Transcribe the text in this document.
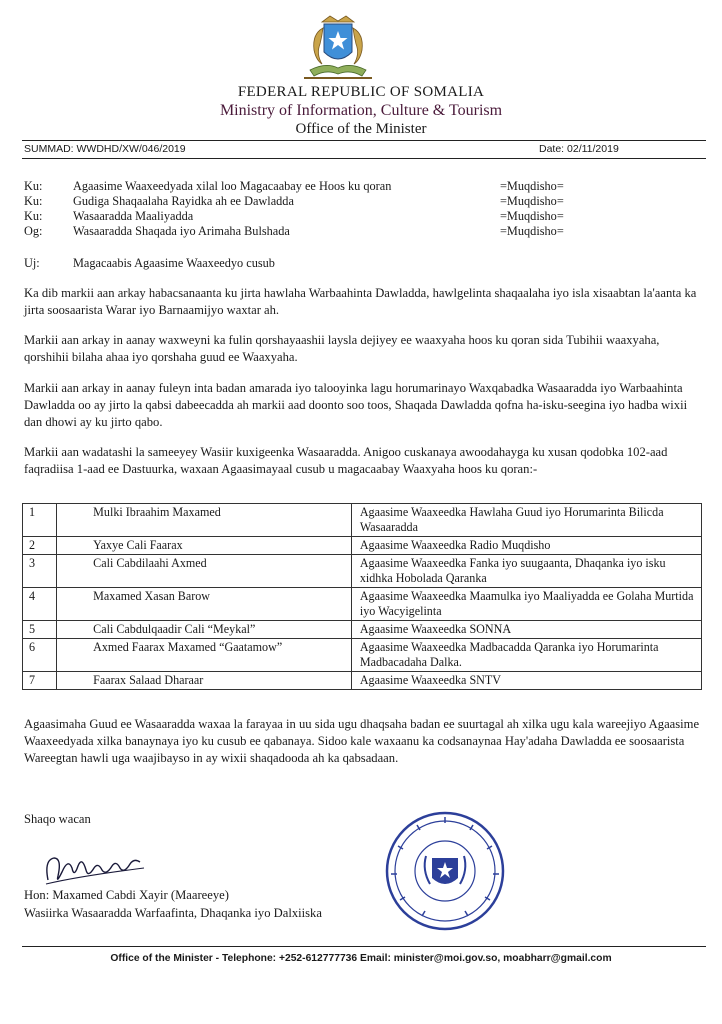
FEDERAL REPUBLIC OF SOMALIA
Ministry of Information, Culture & Tourism
Office of the Minister
SUMMAD: WWDHD/XW/046/2019	Date: 02/11/2019
Ku: Agaasime Waaxeedyada xilal loo Magacaabay ee Hoos ku qoran	=Muqdisho=
Ku: Gudiga Shaqaalaha Rayidka ah ee Dawladda	=Muqdisho=
Ku: Wasaaradda Maaliyadda	=Muqdisho=
Og: Wasaaradda Shaqada iyo Arimaha Bulshada	=Muqdisho=
Uj:	Magacaabis Agaasime Waaxeedyo cusub

Ka dib markii aan arkay habacsanaanta ku jirta hawlaha Warbaahinta Dawladda, hawlgelinta shaqaalaha iyo isla xisaabtan la'aanta ka jirta soosaarista Warar iyo Barnaamijyo waxtar ah.

Markii aan arkay in aanay waxweyni ka fulin qorshayaashii laysla dejiyey ee waaxyaha hoos ku qoran sida Tubihii waaxyaha, qorshihii bilaha ahaa iyo qorshaha guud ee Waaxyaha.

Markii aan arkay in aanay fuleyn inta badan amarada iyo talooyinka lagu horumarinayo Waxqabadka Wasaaradda iyo Warbaahinta Dawladda oo ay jirto la qabsi dabeecadda ah markii aad doonto soo toos, Shaqada Dawladda qofna ha-isku-seegina iyo hadba wixii dan dhowi ay ku jirto qabo.

Markii aan wadatashi la sameeyey Wasiir kuxigeenka Wasaaradda. Anigoo cuskanaya awoodahayga ku xusan qodobka 102-aad faqradiisa 1-aad ee Dastuurka, waxaan Agaasimayaal cusub u magacaabay Waaxyaha hoos ku qoran:-

1	Mulki Ibraahim Maxamed	Agaasime Waaxeedka Hawlaha Guud iyo Horumarinta Bilicda Wasaaradda
2	Yaxye Cali Faarax	Agaasime Waaxeedka Radio Muqdisho
3	Cali Cabdilaahi Axmed	Agaasime Waaxeedka Fanka iyo suugaanta, Dhaqanka iyo isku xidhka Hobolada Qaranka
4	Maxamed Xasan Barow	Agaasime Waaxeedka Maamulka iyo Maaliyadda ee Golaha Murtida iyo Wacyigelinta
5	Cali Cabdulqaadir Cali “Meykal”	Agaasime Waaxeedka SONNA
6	Axmed Faarax Maxamed “Gaatamow”	Agaasime Waaxeedka Madbacadda Qaranka iyo Horumarinta Madbacadaha Dalka.
7	Faarax Salaad Dharaar	Agaasime Waaxeedka SNTV

Agaasimaha Guud ee Wasaaradda waxaa la farayaa in uu sida ugu dhaqsaha badan ee suurtagal ah xilka ugu kala wareejiyo Agaasime Waaxeedyada xilka banaynaya iyo ku cusub ee qabanaya. Sidoo kale waxaanu ka codsanaynaa Hay'adaha Dawladda ee soosaarista Wareegtan hawli uga waajibayso in ay wixii shaqadooda ah ka qabsadaan.

Shaqo wacan
Hon: Maxamed Cabdi Xayir (Maareeye)
Wasiirka Wasaaradda Warfaafinta, Dhaqanka iyo Dalxiiska
Office of the Minister - Telephone: +252-612777736 Email: minister@moi.gov.so, moabharr@gmail.com
